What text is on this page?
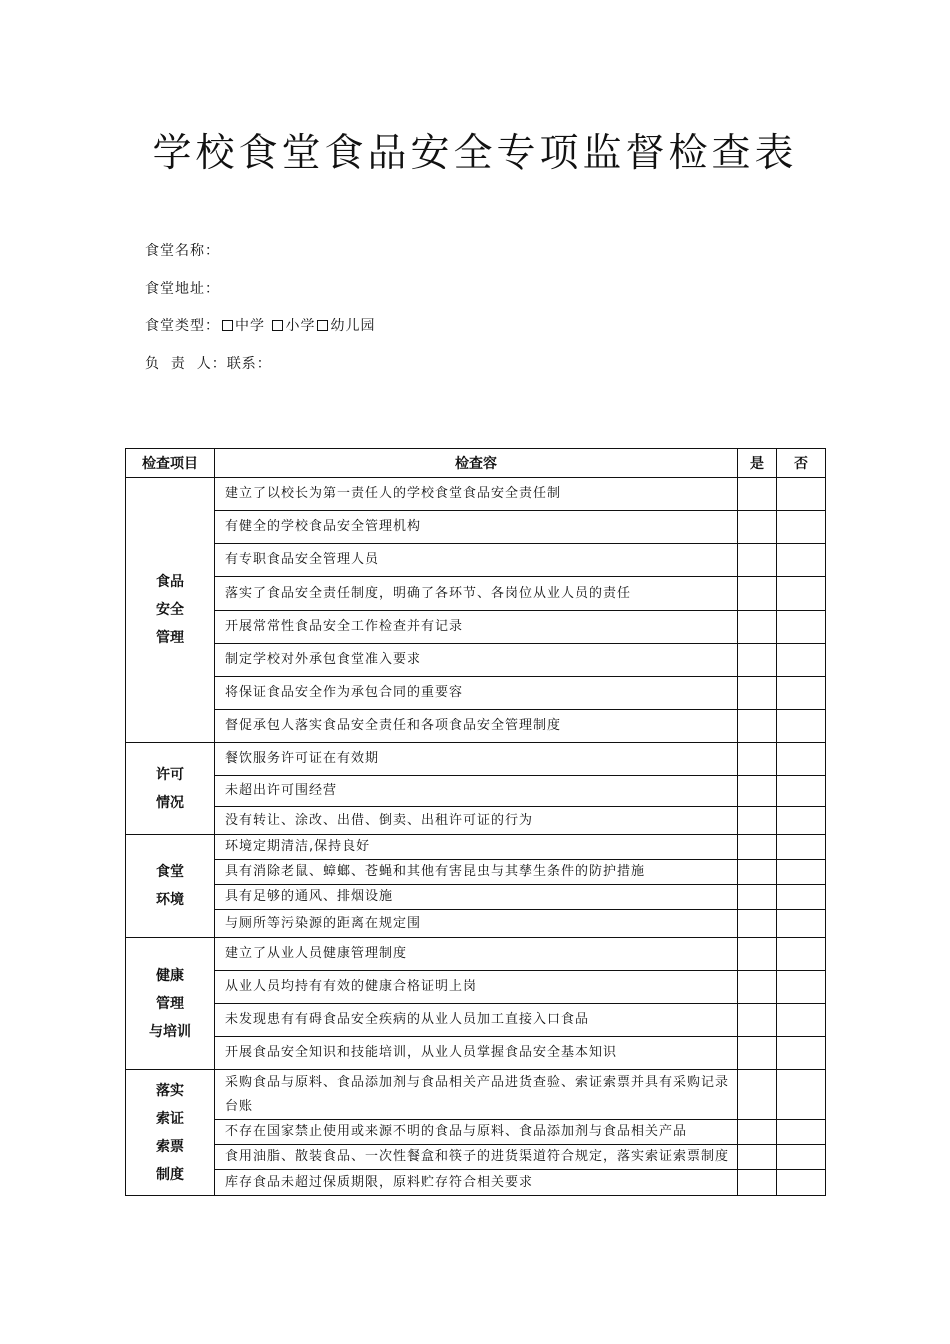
学校食堂食品安全专项监督检查表
食堂名称：
食堂地址：
食堂类型： 中学 小学 幼儿园
负  责  人：联系：
检查项目	检查容	是	否

食品
安全
管理	建立了以校长为第一责任人的学校食堂食品安全责任制		
	有健全的学校食品安全管理机构		
	有专职食品安全管理人员		
	落实了食品安全责任制度，明确了各环节、各岗位从业人员的责任		
	开展常常性食品安全工作检查并有记录		
	制定学校对外承包食堂准入要求		
	将保证食品安全作为承包合同的重要容		
	督促承包人落实食品安全责任和各项食品安全管理制度		

许可
情况	餐饮服务许可证在有效期		
	未超出许可围经营		
	没有转让、涂改、出借、倒卖、出租许可证的行为		

食堂
环境	环境定期清洁,保持良好		
	具有消除老鼠、蟑螂、苍蝇和其他有害昆虫与其孳生条件的防护措施		
	具有足够的通风、排烟设施		
	与厕所等污染源的距离在规定围		

健康
管理
与培训	建立了从业人员健康管理制度		
	从业人员均持有有效的健康合格证明上岗		
	未发现患有有碍食品安全疾病的从业人员加工直接入口食品		
	开展食品安全知识和技能培训，从业人员掌握食品安全基本知识		

落实
索证
索票
制度	采购食品与原料、食品添加剂与食品相关产品进货查验、索证索票并具有采购记录台账		
	不存在国家禁止使用或来源不明的食品与原料、食品添加剂与食品相关产品		
	食用油脂、散装食品、一次性餐盒和筷子的进货渠道符合规定，落实索证索票制度		
	库存食品未超过保质期限，原料贮存符合相关要求		
